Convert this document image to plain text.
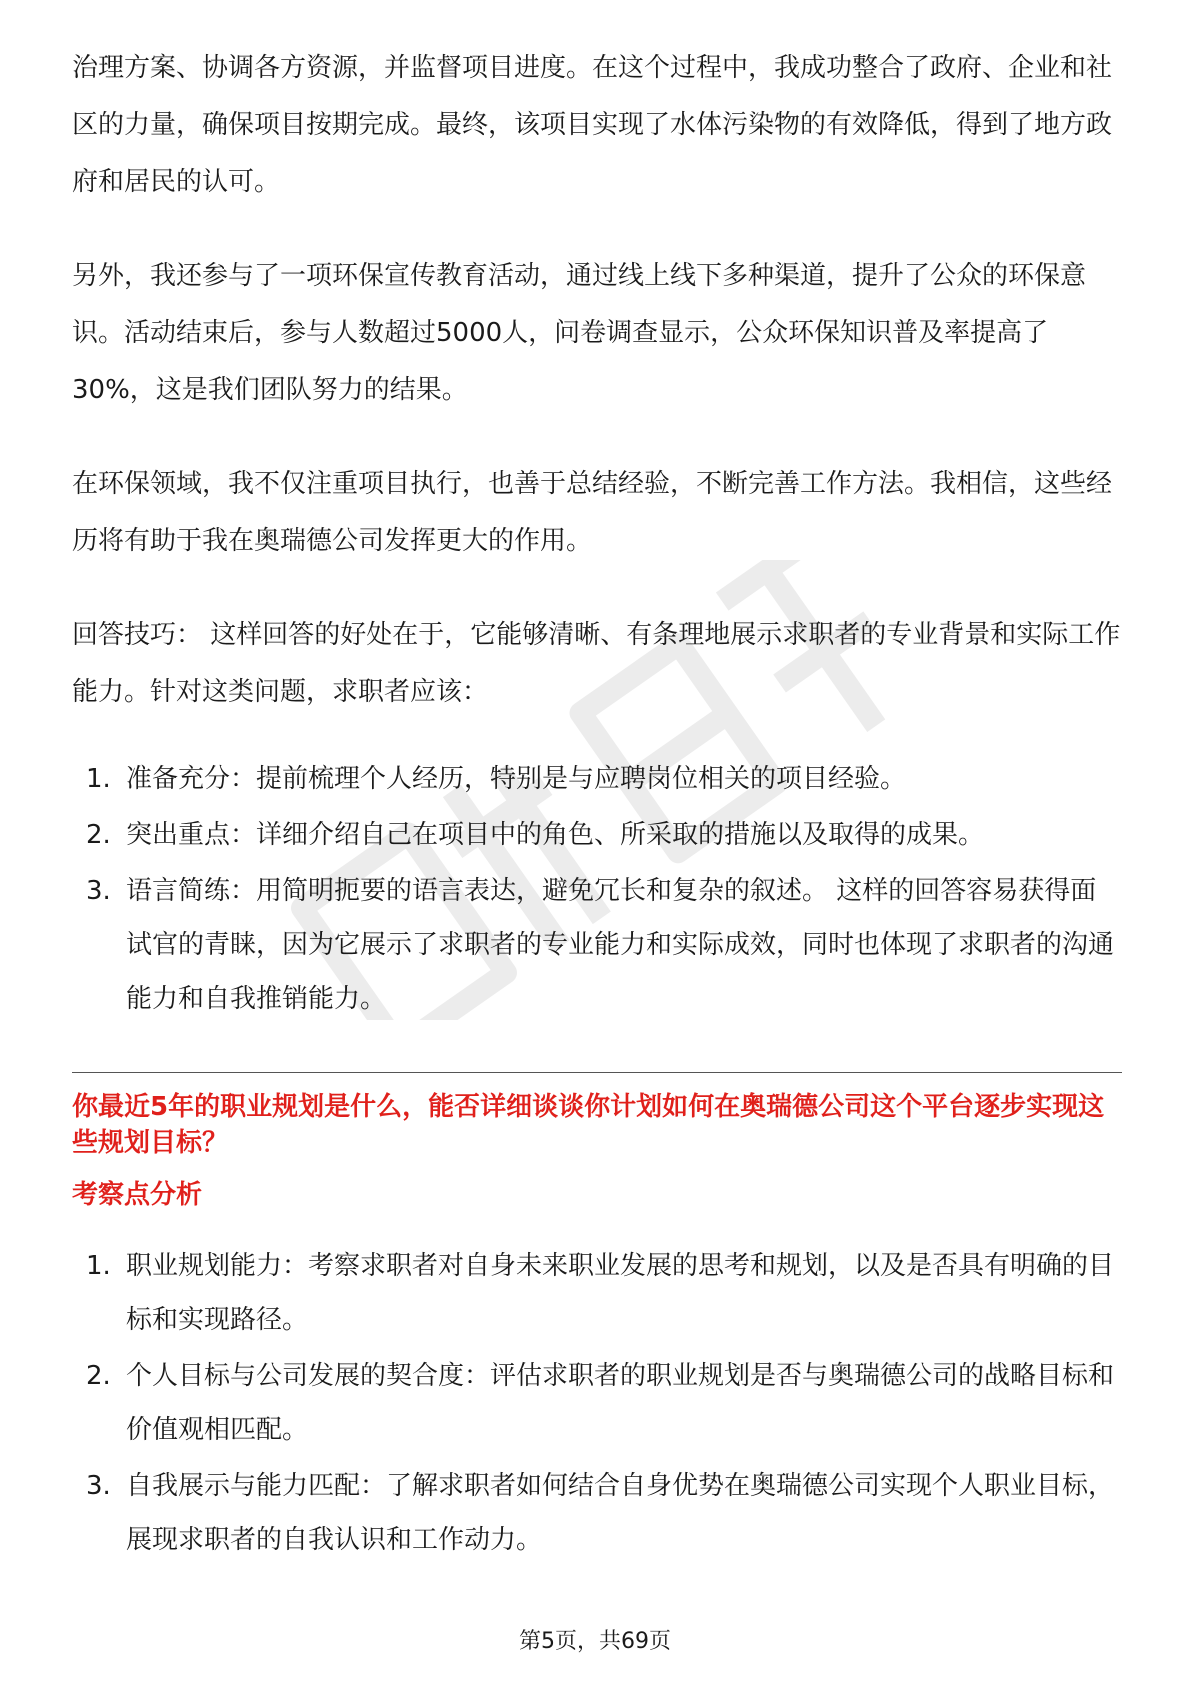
治理方案、协调各方资源，并监督项目进度。在这个过程中，我成功整合了政府、企业和社区的力量，确保项目按期完成。最终，该项目实现了水体污染物的有效降低，得到了地方政府和居民的认可。

另外，我还参与了一项环保宣传教育活动，通过线上线下多种渠道，提升了公众的环保意识。活动结束后，参与人数超过5000人，问卷调查显示，公众环保知识普及率提高了30%，这是我们团队努力的结果。

在环保领域，我不仅注重项目执行，也善于总结经验，不断完善工作方法。我相信，这些经历将有助于我在奥瑞德公司发挥更大的作用。

回答技巧： 这样回答的好处在于，它能够清晰、有条理地展示求职者的专业背景和实际工作能力。针对这类问题，求职者应该：

1. 准备充分：提前梳理个人经历，特别是与应聘岗位相关的项目经验。
2. 突出重点：详细介绍自己在项目中的角色、所采取的措施以及取得的成果。
3. 语言简练：用简明扼要的语言表达，避免冗长和复杂的叙述。 这样的回答容易获得面试官的青睐，因为它展示了求职者的专业能力和实际成效，同时也体现了求职者的沟通能力和自我推销能力。

你最近5年的职业规划是什么，能否详细谈谈你计划如何在奥瑞德公司这个平台逐步实现这些规划目标？

考察点分析

1. 职业规划能力：考察求职者对自身未来职业发展的思考和规划，以及是否具有明确的目标和实现路径。
2. 个人目标与公司发展的契合度：评估求职者的职业规划是否与奥瑞德公司的战略目标和价值观相匹配。
3. 自我展示与能力匹配：了解求职者如何结合自身优势在奥瑞德公司实现个人职业目标，展现求职者的自我认识和工作动力。
第5页，共69页
